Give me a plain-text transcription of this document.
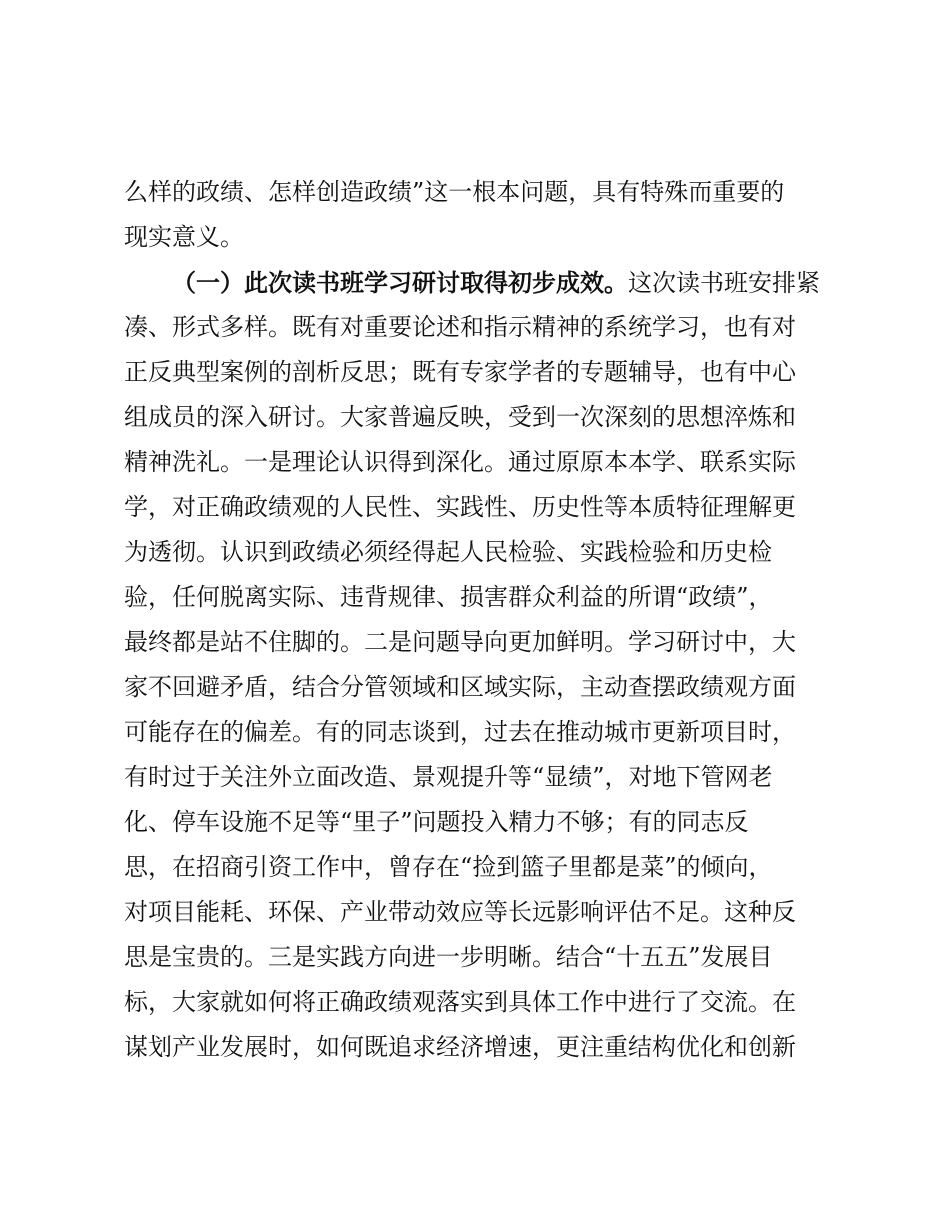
么样的政绩、怎样创造政绩”这一根本问题，具有特殊而重要的
现实意义。
（一）此次读书班学习研讨取得初步成效。这次读书班安排紧
凑、形式多样。既有对重要论述和指示精神的系统学习，也有对
正反典型案例的剖析反思；既有专家学者的专题辅导，也有中心
组成员的深入研讨。大家普遍反映，受到一次深刻的思想淬炼和
精神洗礼。一是理论认识得到深化。通过原原本本学、联系实际
学，对正确政绩观的人民性、实践性、历史性等本质特征理解更
为透彻。认识到政绩必须经得起人民检验、实践检验和历史检
验，任何脱离实际、违背规律、损害群众利益的所谓“政绩”，
最终都是站不住脚的。二是问题导向更加鲜明。学习研讨中，大
家不回避矛盾，结合分管领域和区域实际，主动查摆政绩观方面
可能存在的偏差。有的同志谈到，过去在推动城市更新项目时，
有时过于关注外立面改造、景观提升等“显绩”，对地下管网老
化、停车设施不足等“里子”问题投入精力不够；有的同志反
思，在招商引资工作中，曾存在“捡到篮子里都是菜”的倾向，
对项目能耗、环保、产业带动效应等长远影响评估不足。这种反
思是宝贵的。三是实践方向进一步明晰。结合“十五五”发展目
标，大家就如何将正确政绩观落实到具体工作中进行了交流。在
谋划产业发展时，如何既追求经济增速，更注重结构优化和创新
